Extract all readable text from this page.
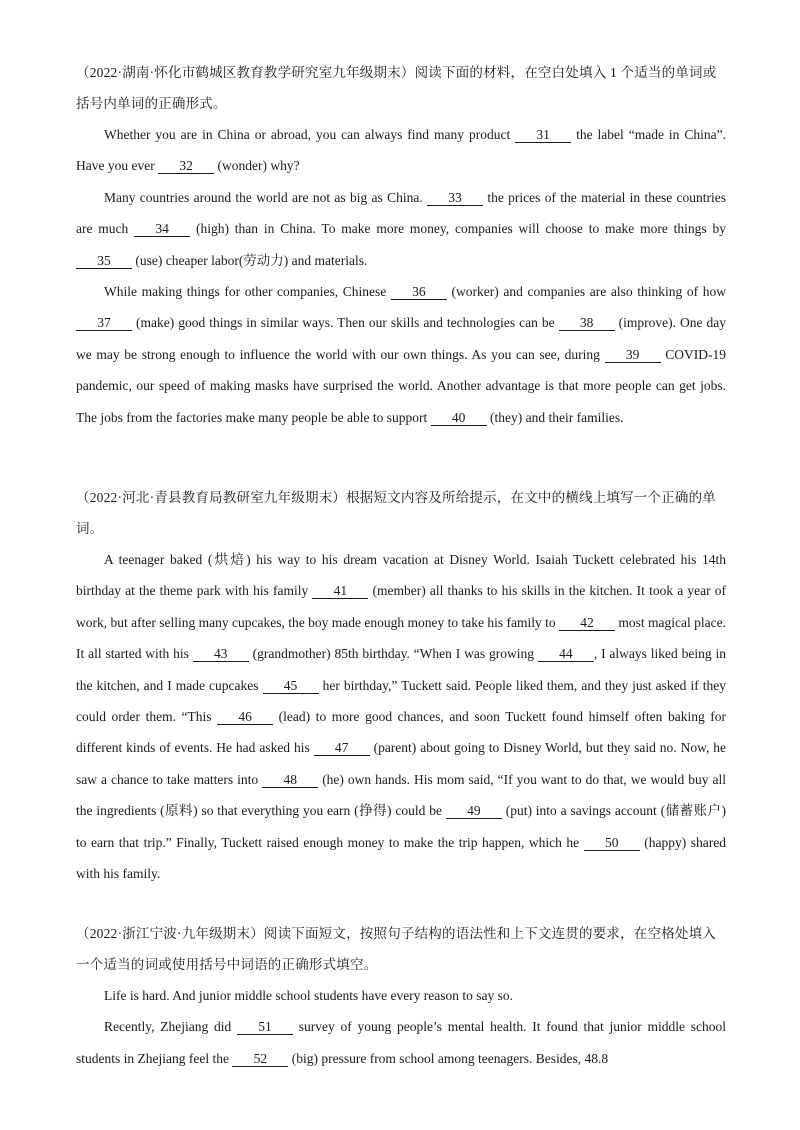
（2022·湖南·怀化市鹤城区教育教学研究室九年级期末）阅读下面的材料，在空白处填入 1 个适当的单词或括号内单词的正确形式。

Whether you are in China or abroad, you can always find many product 31 the label “made in China”. Have you ever 32 (wonder) why?

Many countries around the world are not as big as China. 33 the prices of the material in these countries are much 34 (high) than in China. To make more money, companies will choose to make more things by 35 (use) cheaper labor(劳动力) and materials.

While making things for other companies, Chinese 36 (worker) and companies are also thinking of how 37 (make) good things in similar ways. Then our skills and technologies can be 38 (improve). One day we may be strong enough to influence the world with our own things. As you can see, during 39 COVID-19 pandemic, our speed of making masks have surprised the world. Another advantage is that more people can get jobs. The jobs from the factories make many people be able to support 40 (they) and their families.

（2022·河北·青县教育局教研室九年级期末）根据短文内容及所给提示，在文中的横线上填写一个正确的单词。

A teenager baked (烘焙) his way to his dream vacation at Disney World. Isaiah Tuckett celebrated his 14th birthday at the theme park with his family 41 (member) all thanks to his skills in the kitchen. It took a year of work, but after selling many cupcakes, the boy made enough money to take his family to 42 most magical place. It all started with his 43 (grandmother) 85th birthday. “When I was growing 44 , I always liked being in the kitchen, and I made cupcakes 45 her birthday,” Tuckett said. People liked them, and they just asked if they could order them. “This 46 (lead) to more good chances, and soon Tuckett found himself often baking for different kinds of events. He had asked his 47 (parent) about going to Disney World, but they said no. Now, he saw a chance to take matters into 48 (he) own hands. His mom said, “If you want to do that, we would buy all the ingredients (原料) so that everything you earn (挣得) could be 49 (put) into a savings account (储蓄账户) to earn that trip.” Finally, Tuckett raised enough money to make the trip happen, which he 50 (happy) shared with his family.

（2022·浙江宁波·九年级期末）阅读下面短文，按照句子结构的语法性和上下文连贯的要求，在空格处填入一个适当的词或使用括号中词语的正确形式填空。

Life is hard. And junior middle school students have every reason to say so.

Recently, Zhejiang did 51 survey of young people’s mental health. It found that junior middle school students in Zhejiang feel the 52 (big) pressure from school among teenagers. Besides, 48.8
